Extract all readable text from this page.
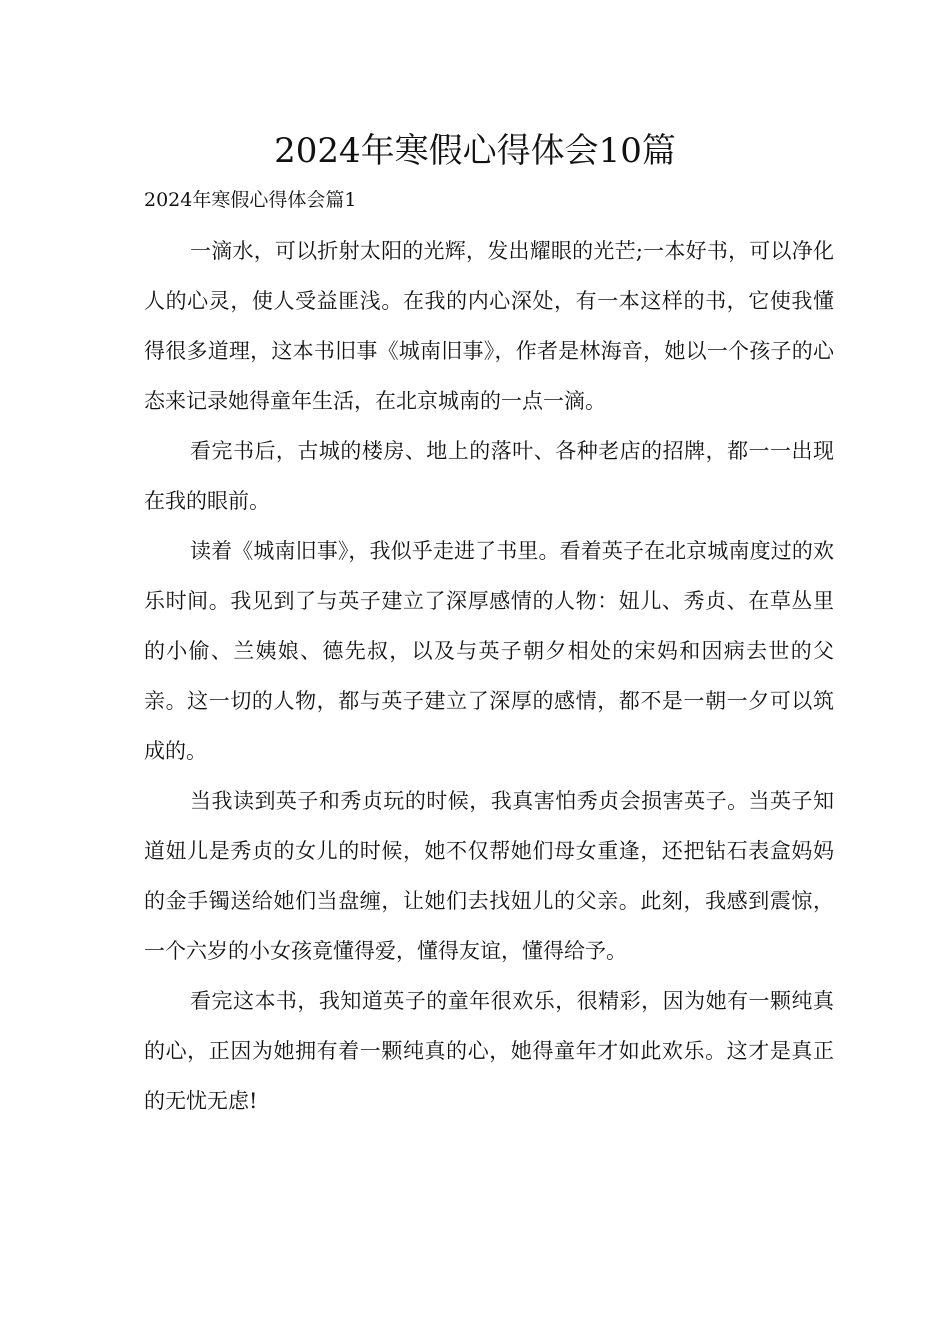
2024年寒假心得体会10篇
2024年寒假心得体会篇1

一滴水，可以折射太阳的光辉，发出耀眼的光芒;一本好书，可以净化人的心灵，使人受益匪浅。在我的内心深处，有一本这样的书，它使我懂得很多道理，这本书旧事《城南旧事》，作者是林海音，她以一个孩子的心态来记录她得童年生活，在北京城南的一点一滴。

看完书后，古城的楼房、地上的落叶、各种老店的招牌，都一一出现在我的眼前。

读着《城南旧事》，我似乎走进了书里。看着英子在北京城南度过的欢乐时间。我见到了与英子建立了深厚感情的人物：妞儿、秀贞、在草丛里的小偷、兰姨娘、德先叔，以及与英子朝夕相处的宋妈和因病去世的父亲。这一切的人物，都与英子建立了深厚的感情，都不是一朝一夕可以筑成的。

当我读到英子和秀贞玩的时候，我真害怕秀贞会损害英子。当英子知道妞儿是秀贞的女儿的时候，她不仅帮她们母女重逢，还把钻石表盒妈妈的金手镯送给她们当盘缠，让她们去找妞儿的父亲。此刻，我感到震惊，一个六岁的小女孩竟懂得爱，懂得友谊，懂得给予。

看完这本书，我知道英子的童年很欢乐，很精彩，因为她有一颗纯真的心，正因为她拥有着一颗纯真的心，她得童年才如此欢乐。这才是真正的无忧无虑!
